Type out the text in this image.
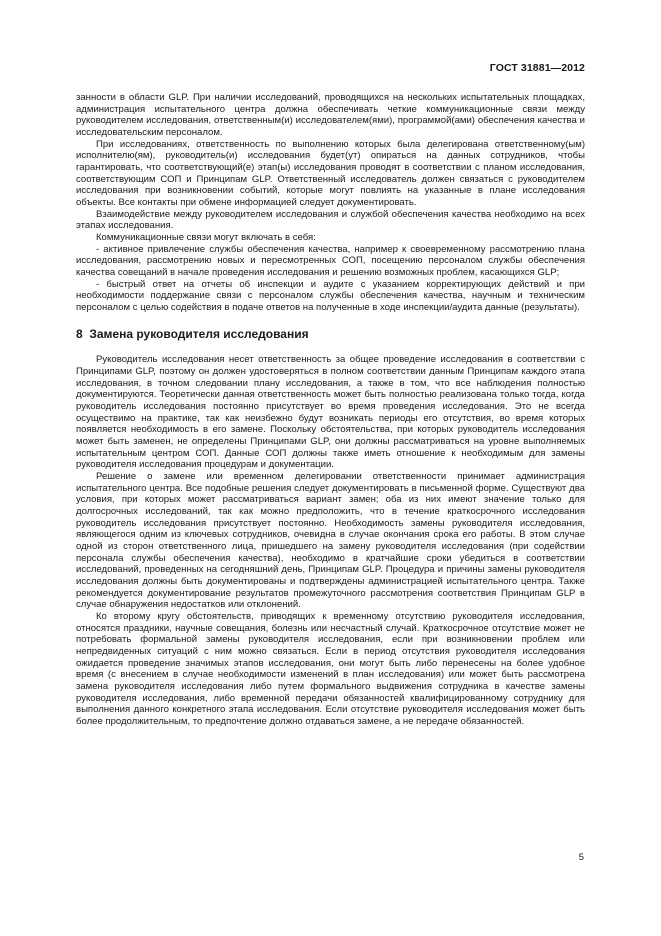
ГОСТ 31881—2012

занности в области GLP. При наличии исследований, проводящихся на нескольких испытательных площадках, администрация испытательного центра должна обеспечивать четкие коммуникационные связи между руководителем исследования, ответственным(и) исследователем(ями), программой(ами) обеспечения качества и исследовательским персоналом.

При исследованиях, ответственность по выполнению которых была делегирована ответственному(ым) исполнителю(ям), руководитель(и) исследования будет(ут) опираться на данных сотрудников, чтобы гарантировать, что соответствующий(е) этап(ы) исследования проводят в соответствии с планом исследования, соответствующим СОП и Принципам GLP. Ответственный исследователь должен связаться с руководителем исследования при возникновении событий, которые могут повлиять на указанные в плане исследования объекты. Все контакты при обмене информацией следует документировать.

Взаимодействие между руководителем исследования и службой обеспечения качества необходимо на всех этапах исследования.

Коммуникационные связи могут включать в себя:

- активное привлечение службы обеспечения качества, например к своевременному рассмотрению плана исследования, рассмотрению новых и пересмотренных СОП, посещению персоналом службы обеспечения качества совещаний в начале проведения исследования и решению возможных проблем, касающихся GLP;

- быстрый ответ на отчеты об инспекции и аудите с указанием корректирующих действий и при необходимости поддержание связи с персоналом службы обеспечения качества, научным и техническим персоналом с целью содействия в подаче ответов на полученные в ходе инспекции/аудита данные (результаты).

8 Замена руководителя исследования

Руководитель исследования несет ответственность за общее проведение исследования в соответствии с Принципами GLP, поэтому он должен удостоверяться в полном соответствии данным Принципам каждого этапа исследования, в точном следовании плану исследования, а также в том, что все наблюдения полностью документируются. Теоретически данная ответственность может быть полностью реализована только тогда, когда руководитель исследования постоянно присутствует во время проведения исследования. Это не всегда осуществимо на практике, так как неизбежно будут возникать периоды его отсутствия, во время которых появляется необходимость в его замене. Поскольку обстоятельства, при которых руководитель исследования может быть заменен, не определены Принципами GLP, они должны рассматриваться на уровне выполняемых испытательным центром СОП. Данные СОП должны также иметь отношение к необходимым для замены руководителя исследования процедурам и документации.

Решение о замене или временном делегировании ответственности принимает администрация испытательного центра. Все подобные решения следует документировать в письменной форме. Существуют два условия, при которых может рассматриваться вариант замен; оба из них имеют значение только для долгосрочных исследований, так как можно предположить, что в течение краткосрочного исследования руководитель исследования присутствует постоянно. Необходимость замены руководителя исследования, являющегося одним из ключевых сотрудников, очевидна в случае окончания срока его работы. В этом случае одной из сторон ответственного лица, пришедшего на замену руководителя исследования (при содействии персонала службы обеспечения качества), необходимо в кратчайшие сроки убедиться в соответствии исследований, проведенных на сегодняшний день, Принципам GLP. Процедура и причины замены руководителя исследования должны быть документированы и подтверждены администрацией испытательного центра. Также рекомендуется документирование результатов промежуточного рассмотрения соответствия Принципам GLP в случае обнаружения недостатков или отклонений.

Ко второму кругу обстоятельств, приводящих к временному отсутствию руководителя исследования, относятся праздники, научные совещания, болезнь или несчастный случай. Краткосрочное отсутствие может не потребовать формальной замены руководителя исследования, если при возникновении проблем или непредвиденных ситуаций с ним можно связаться. Если в период отсутствия руководителя исследования ожидается проведение значимых этапов исследования, они могут быть либо перенесены на более удобное время (с внесением в случае необходимости изменений в план исследования) или может быть рассмотрена замена руководителя исследования либо путем формального выдвижения сотрудника в качестве замены руководителя исследования, либо временной передачи обязанностей квалифицированному сотруднику для выполнения данного конкретного этапа исследования. Если отсутствие руководителя исследования может быть более продолжительным, то предпочтение должно отдаваться замене, а не передаче обязанностей.

5
